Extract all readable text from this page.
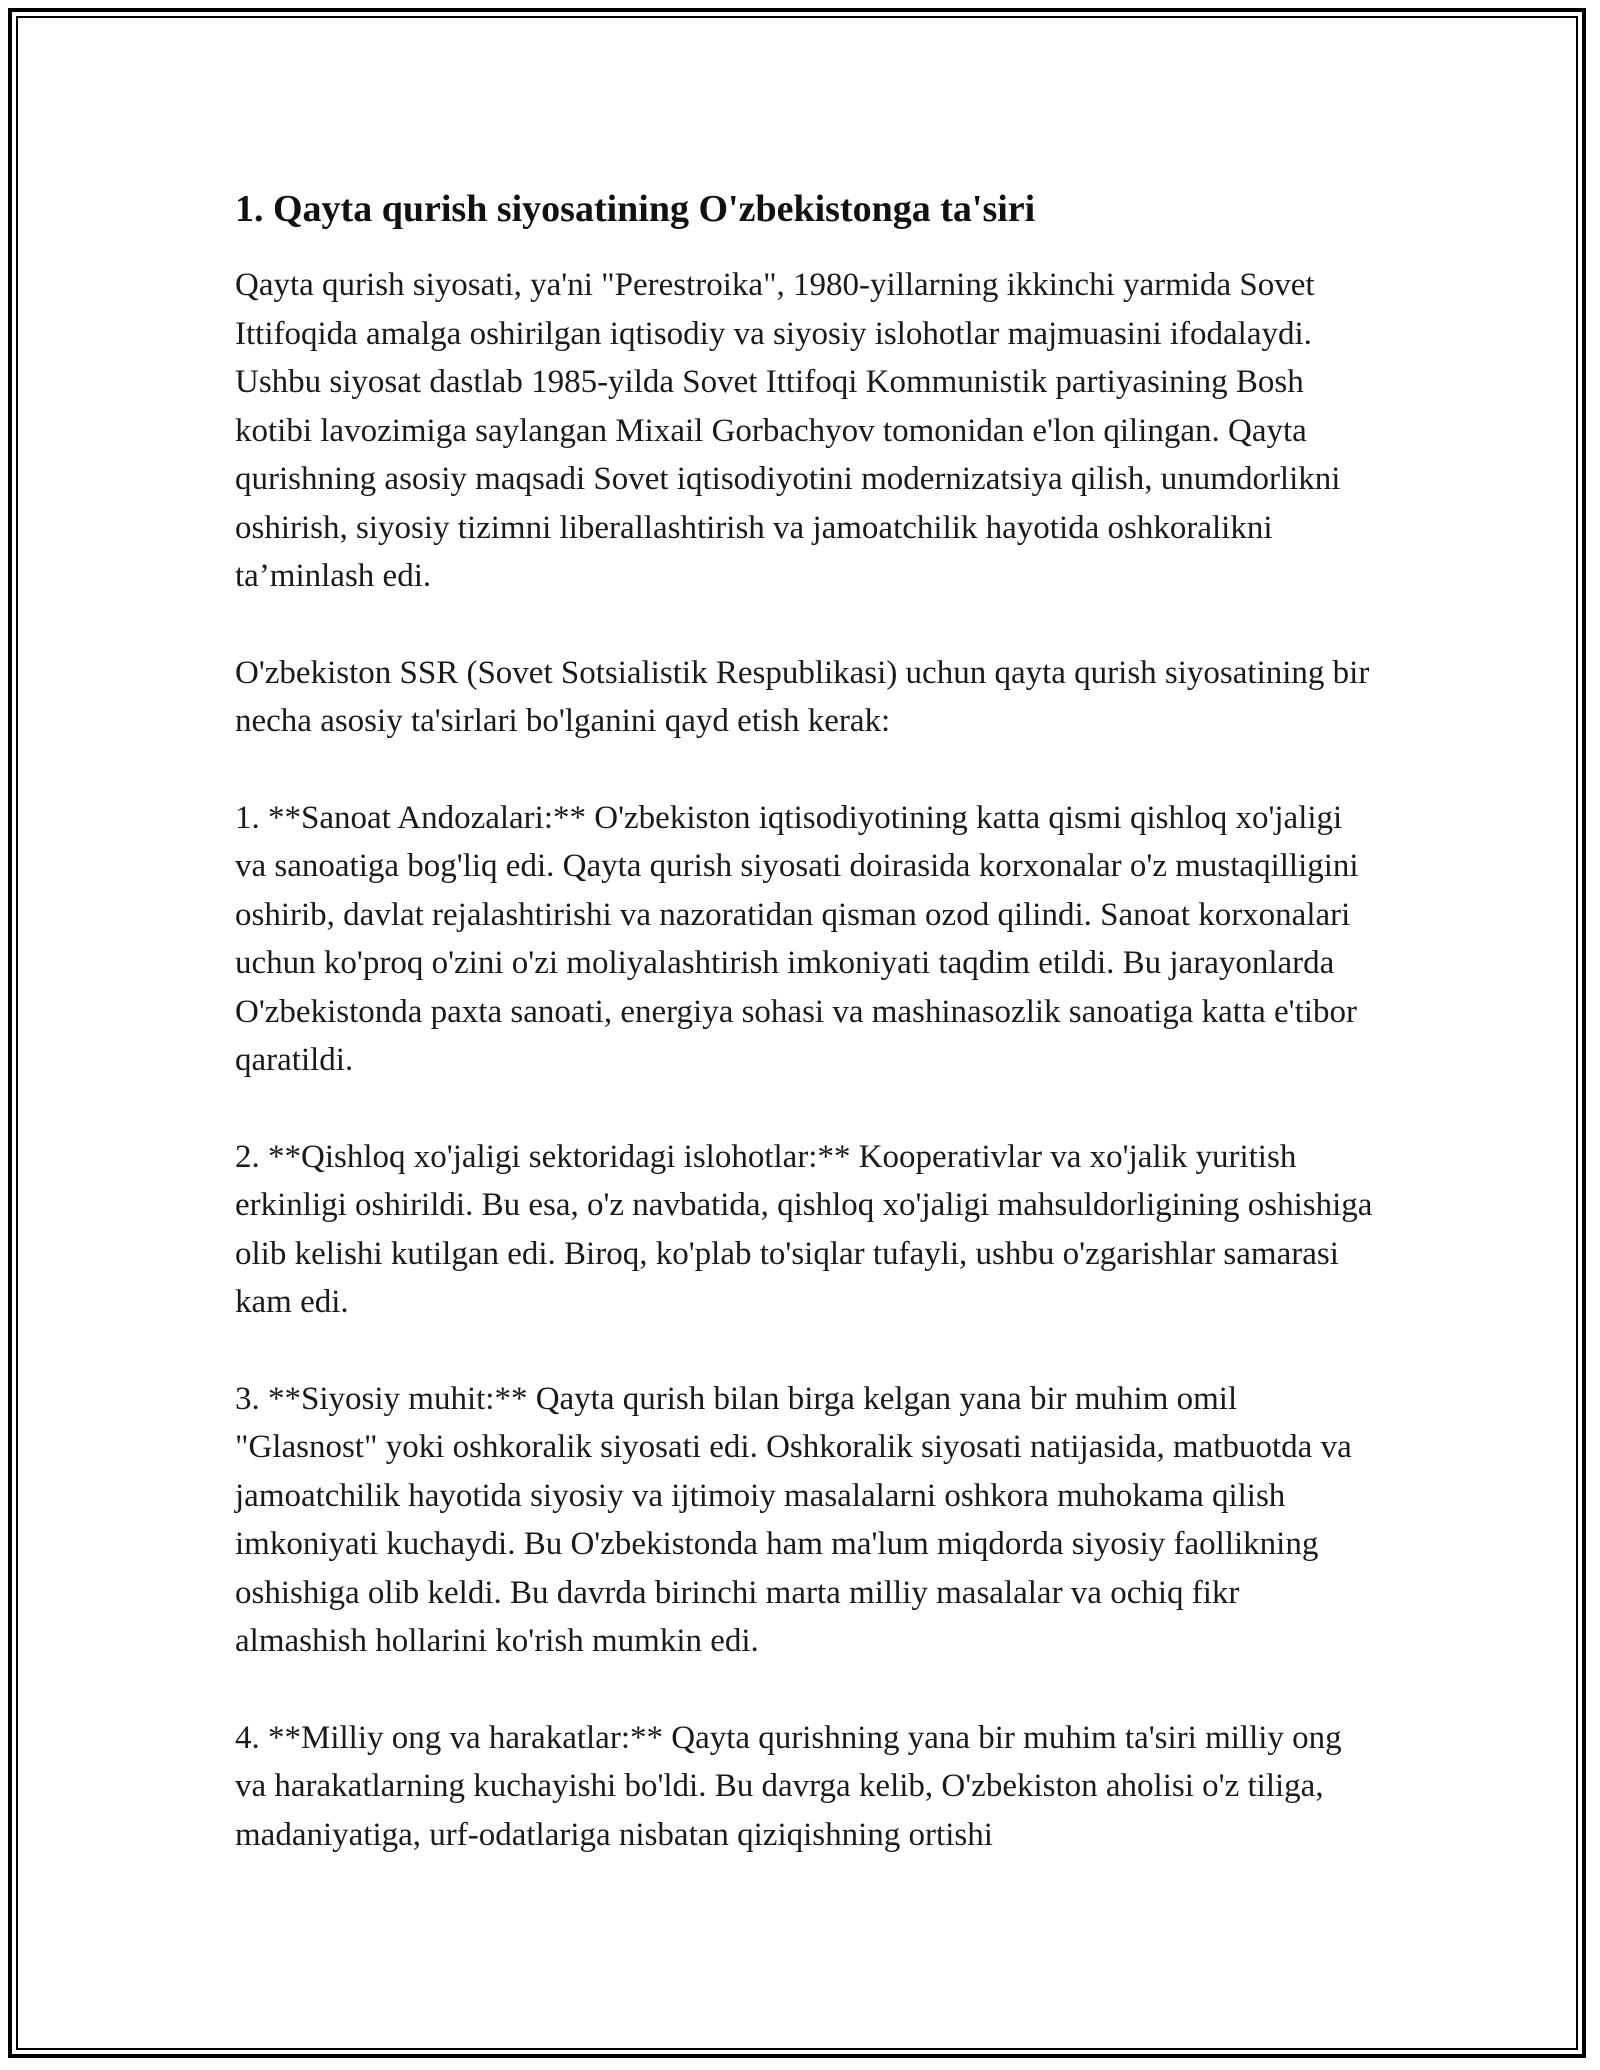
1. Qayta qurish siyosatining O'zbekistonga ta'siri

Qayta qurish siyosati, ya'ni "Perestroika", 1980-yillarning ikkinchi yarmida Sovet Ittifoqida amalga oshirilgan iqtisodiy va siyosiy islohotlar majmuasini ifodalaydi. Ushbu siyosat dastlab 1985-yilda Sovet Ittifoqi Kommunistik partiyasining Bosh kotibi lavozimiga saylangan Mixail Gorbachyov tomonidan e'lon qilingan. Qayta qurishning asosiy maqsadi Sovet iqtisodiyotini modernizatsiya qilish, unumdorlikni oshirish, siyosiy tizimni liberallashtirish va jamoatchilik hayotida oshkoralikni ta’minlash edi.

O'zbekiston SSR (Sovet Sotsialistik Respublikasi) uchun qayta qurish siyosatining bir necha asosiy ta'sirlari bo'lganini qayd etish kerak:

1. **Sanoat Andozalari:** O'zbekiston iqtisodiyotining katta qismi qishloq xo'jaligi va sanoatiga bog'liq edi. Qayta qurish siyosati doirasida korxonalar o'z mustaqilligini oshirib, davlat rejalashtirishi va nazoratidan qisman ozod qilindi. Sanoat korxonalari uchun ko'proq o'zini o'zi moliyalashtirish imkoniyati taqdim etildi. Bu jarayonlarda O'zbekistonda paxta sanoati, energiya sohasi va mashinasozlik sanoatiga katta e'tibor qaratildi.

2. **Qishloq xo'jaligi sektoridagi islohotlar:** Kooperativlar va xo'jalik yuritish erkinligi oshirildi. Bu esa, o'z navbatida, qishloq xo'jaligi mahsuldorligining oshishiga olib kelishi kutilgan edi. Biroq, ko'plab to'siqlar tufayli, ushbu o'zgarishlar samarasi kam edi.

3. **Siyosiy muhit:** Qayta qurish bilan birga kelgan yana bir muhim omil "Glasnost" yoki oshkoralik siyosati edi. Oshkoralik siyosati natijasida, matbuotda va jamoatchilik hayotida siyosiy va ijtimoiy masalalarni oshkora muhokama qilish imkoniyati kuchaydi. Bu O'zbekistonda ham ma'lum miqdorda siyosiy faollikning oshishiga olib keldi. Bu davrda birinchi marta milliy masalalar va ochiq fikr almashish hollarini ko'rish mumkin edi.

4. **Milliy ong va harakatlar:** Qayta qurishning yana bir muhim ta'siri milliy ong va harakatlarning kuchayishi bo'ldi. Bu davrga kelib, O'zbekiston aholisi o'z tiliga, madaniyatiga, urf-odatlariga nisbatan qiziqishning ortishi
